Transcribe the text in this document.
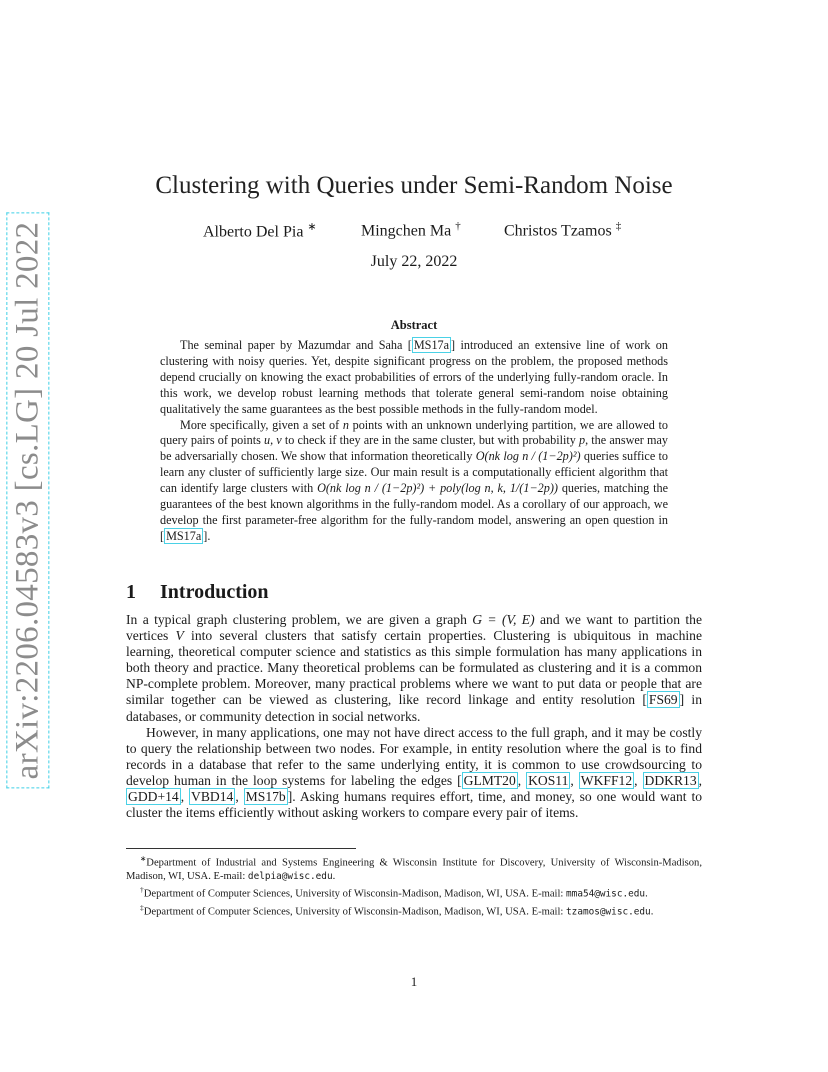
arXiv:2206.04583v3 [cs.LG] 20 Jul 2022
Clustering with Queries under Semi-Random Noise
Alberto Del Pia ∗	Mingchen Ma †	Christos Tzamos ‡
July 22, 2022
Abstract

The seminal paper by Mazumdar and Saha [ MS17a ] introduced an extensive line of work on clustering with noisy queries. Yet, despite significant progress on the problem, the proposed methods depend crucially on knowing the exact probabilities of errors of the underlying fully-random oracle. In this work, we develop robust learning methods that tolerate general semi-random noise obtaining qualitatively the same guarantees as the best possible methods in the fully-random model.

More specifically, given a set of n points with an unknown underlying partition, we are allowed to query pairs of points u, v to check if they are in the same cluster, but with probability p, the answer may be adversarially chosen. We show that information theoretically O(nk log n / (1−2p)²) queries suffice to learn any cluster of sufficiently large size. Our main result is a computationally efficient algorithm that can identify large clusters with O(nk log n / (1−2p)²) + poly(log n, k, 1/(1−2p)) queries, matching the guarantees of the best known algorithms in the fully-random model. As a corollary of our approach, we develop the first parameter-free algorithm for the fully-random model, answering an open question in [ MS17a ].

1 Introduction

In a typical graph clustering problem, we are given a graph G = (V, E) and we want to partition the vertices V into several clusters that satisfy certain properties. Clustering is ubiquitous in machine learning, theoretical computer science and statistics as this simple formulation has many applications in both theory and practice. Many theoretical problems can be formulated as clustering and it is a common NP-complete problem. Moreover, many practical problems where we want to put data or people that are similar together can be viewed as clustering, like record linkage and entity resolution [ FS69 ] in databases, or community detection in social networks.

However, in many applications, one may not have direct access to the full graph, and it may be costly to query the relationship between two nodes. For example, in entity resolution where the goal is to find records in a database that refer to the same underlying entity, it is common to use crowdsourcing to develop human in the loop systems for labeling the edges [ GLMT20 , KOS11 , WKFF12 , DDKR13 , GDD+14 , VBD14 , MS17b ]. Asking humans requires effort, time, and money, so one would want to cluster the items efficiently without asking workers to compare every pair of items.

∗Department of Industrial and Systems Engineering & Wisconsin Institute for Discovery, University of Wisconsin-Madison, Madison, WI, USA. E-mail: delpia@wisc.edu.

†Department of Computer Sciences, University of Wisconsin-Madison, Madison, WI, USA. E-mail: mma54@wisc.edu.

‡Department of Computer Sciences, University of Wisconsin-Madison, Madison, WI, USA. E-mail: tzamos@wisc.edu.

1
